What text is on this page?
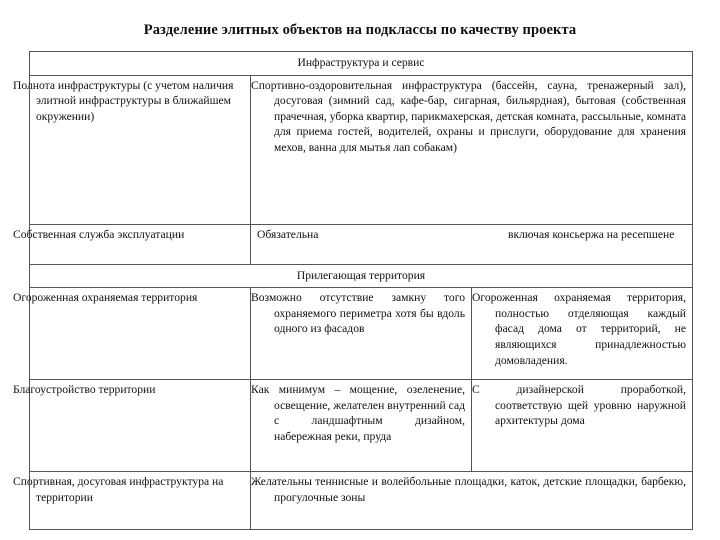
Разделение элитных объектов на подклассы по качеству проекта
Инфраструктура и сервис		
Полнота инфраструктуры (с учетом наличия элитной инфраструктуры в ближайшем окружении)	Спортивно-оздоровительная инфраструктура (бассейн, сауна, тренажерный зал), досуговая (зимний сад, кафе-бар, сигарная, бильярдная), бытовая (собственная прачечная, уборка квартир, парикмахерская, детская комната, рассыльные, комната для приема гостей, водителей, охраны и прислуги, оборудование для хранения мехов, ванна для мытья лап собакам)	
Собственная служба эксплуатации	Обязательна включая консьержа на ресепшене	

Прилегающая территория		
Огороженная охраняемая территория	Возможно отсутствие замкну того охраняемого периметра хотя бы вдоль одного из фасадов	Огороженная охраняемая территория, полностью отделяющая каждый фасад дома от территорий, не являющихся принадлежностью домовладения.
Благоустройство территории	Как минимум – мощение, озеленение, освещение, желателен внутренний сад с ландшафтным дизайном, набережная реки, пруда	С дизайнерской проработкой, соответствую щей уровню наружной архитектуры дома
Спортивная, досуговая инфраструктура на территории	Желательны теннисные и волейбольные площадки, каток, детские площадки, барбекю, прогулочные зоны	
